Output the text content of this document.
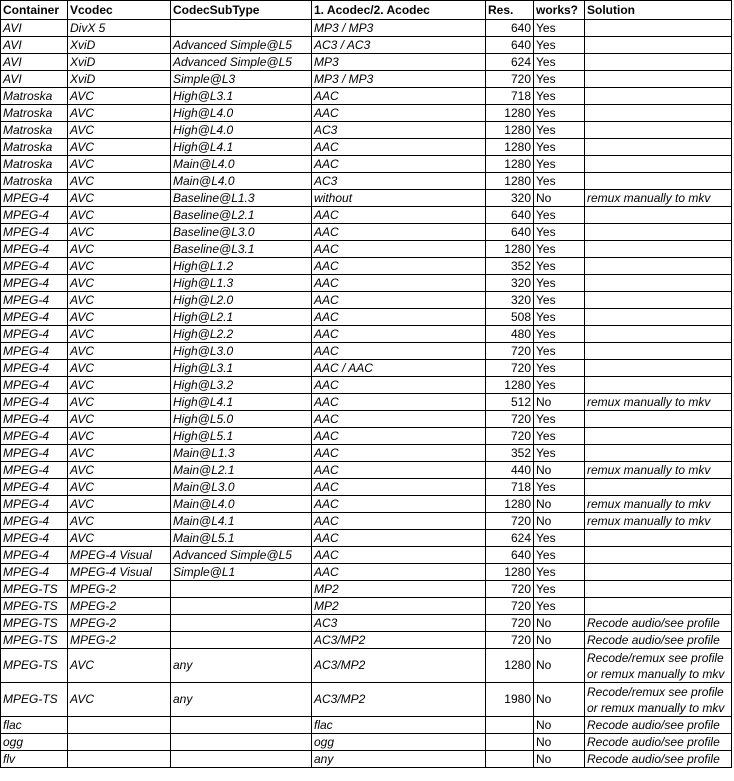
Container	Vcodec	CodecSubType	1. Acodec/2. Acodec	Res.	works?	Solution
AVI	DivX 5		MP3 / MP3	640	Yes	
AVI	XviD	Advanced Simple@L5	AC3 / AC3	640	Yes	
AVI	XviD	Advanced Simple@L5	MP3	624	Yes	
AVI	XviD	Simple@L3	MP3 / MP3	720	Yes	
Matroska	AVC	High@L3.1	AAC	718	Yes	
Matroska	AVC	High@L4.0	AAC	1280	Yes	
Matroska	AVC	High@L4.0	AC3	1280	Yes	
Matroska	AVC	High@L4.1	AAC	1280	Yes	
Matroska	AVC	Main@L4.0	AAC	1280	Yes	
Matroska	AVC	Main@L4.0	AC3	1280	Yes	
MPEG-4	AVC	Baseline@L1.3	without	320	No	remux manually to mkv
MPEG-4	AVC	Baseline@L2.1	AAC	640	Yes	
MPEG-4	AVC	Baseline@L3.0	AAC	640	Yes	
MPEG-4	AVC	Baseline@L3.1	AAC	1280	Yes	
MPEG-4	AVC	High@L1.2	AAC	352	Yes	
MPEG-4	AVC	High@L1.3	AAC	320	Yes	
MPEG-4	AVC	High@L2.0	AAC	320	Yes	
MPEG-4	AVC	High@L2.1	AAC	508	Yes	
MPEG-4	AVC	High@L2.2	AAC	480	Yes	
MPEG-4	AVC	High@L3.0	AAC	720	Yes	
MPEG-4	AVC	High@L3.1	AAC / AAC	720	Yes	
MPEG-4	AVC	High@L3.2	AAC	1280	Yes	
MPEG-4	AVC	High@L4.1	AAC	512	No	remux manually to mkv
MPEG-4	AVC	High@L5.0	AAC	720	Yes	
MPEG-4	AVC	High@L5.1	AAC	720	Yes	
MPEG-4	AVC	Main@L1.3	AAC	352	Yes	
MPEG-4	AVC	Main@L2.1	AAC	440	No	remux manually to mkv
MPEG-4	AVC	Main@L3.0	AAC	718	Yes	
MPEG-4	AVC	Main@L4.0	AAC	1280	No	remux manually to mkv
MPEG-4	AVC	Main@L4.1	AAC	720	No	remux manually to mkv
MPEG-4	AVC	Main@L5.1	AAC	624	Yes	
MPEG-4	MPEG-4 Visual	Advanced Simple@L5	AAC	640	Yes	
MPEG-4	MPEG-4 Visual	Simple@L1	AAC	1280	Yes	
MPEG-TS	MPEG-2		MP2	720	Yes	
MPEG-TS	MPEG-2		MP2	720	Yes	
MPEG-TS	MPEG-2		AC3	720	No	Recode audio/see profile
MPEG-TS	MPEG-2		AC3/MP2	720	No	Recode audio/see profile
MPEG-TS	AVC	any	AC3/MP2	1280	No	Recode/remux see profile or remux manually to mkv
MPEG-TS	AVC	any	AC3/MP2	1980	No	Recode/remux see profile or remux manually to mkv
flac			flac		No	Recode audio/see profile
ogg			ogg		No	Recode audio/see profile
flv			any		No	Recode audio/see profile
